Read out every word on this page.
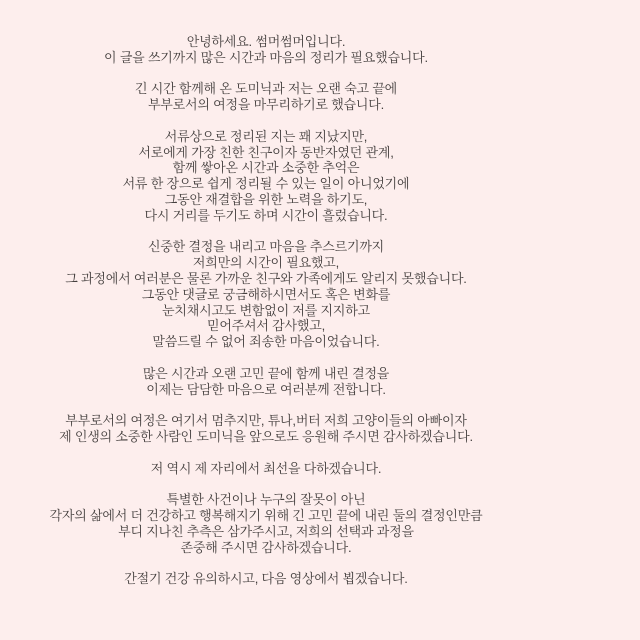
안녕하세요. 썸머썸머입니다.
이 글을 쓰기까지 많은 시간과 마음의 정리가 필요했습니다.
긴 시간 함께해 온 도미닉과 저는 오랜 숙고 끝에
부부로서의 여정을 마무리하기로 했습니다.
서류상으로 정리된 지는 꽤 지났지만,
서로에게 가장 친한 친구이자 동반자였던 관계,
함께 쌓아온 시간과 소중한 추억은
서류 한 장으로 쉽게 정리될 수 있는 일이 아니었기에
그동안 재결합을 위한 노력을 하기도,
다시 거리를 두기도 하며 시간이 흘렀습니다.
신중한 결정을 내리고 마음을 추스르기까지
저희만의 시간이 필요했고,
그 과정에서 여러분은 물론 가까운 친구와 가족에게도 알리지 못했습니다.
그동안 댓글로 궁금해하시면서도 혹은 변화를
눈치채시고도 변함없이 저를 지지하고
믿어주셔서 감사했고,
말씀드릴 수 없어 죄송한 마음이었습니다.
많은 시간과 오랜 고민 끝에 함께 내린 결정을
이제는 담담한 마음으로 여러분께 전합니다.
부부로서의 여정은 여기서 멈추지만, 튜나,버터 저희 고양이들의 아빠이자
제 인생의 소중한 사람인 도미닉을 앞으로도 응원해 주시면 감사하겠습니다.
저 역시 제 자리에서 최선을 다하겠습니다.
특별한 사건이나 누구의 잘못이 아닌
각자의 삶에서 더 건강하고 행복해지기 위해 긴 고민 끝에 내린 둘의 결정인만큼
부디 지나친 추측은 삼가주시고, 저희의 선택과 과정을
존중해 주시면 감사하겠습니다.
간절기 건강 유의하시고, 다음 영상에서 뵙겠습니다.
